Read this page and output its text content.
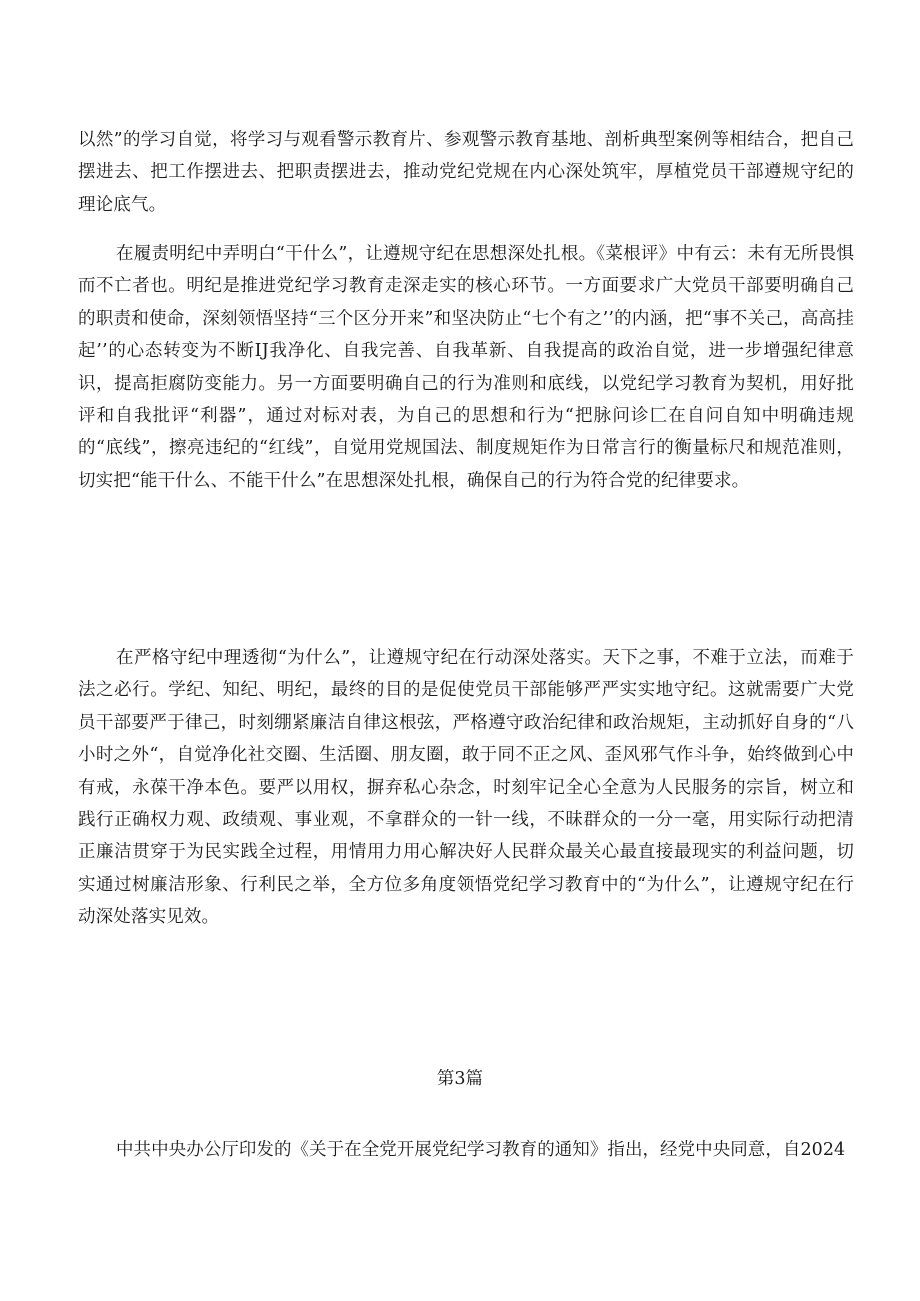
以然”的学习自觉，将学习与观看警示教育片、参观警示教育基地、剖析典型案例等相结合，把自己摆进去、把工作摆进去、把职责摆进去，推动党纪党规在内心深处筑牢，厚植党员干部遵规守纪的理论底气。

在履责明纪中弄明白“干什么”，让遵规守纪在思想深处扎根。《菜根评》中有云：未有无所畏惧而不亡者也。明纪是推进党纪学习教育走深走实的核心环节。一方面要求广大党员干部要明确自己的职责和使命，深刻领悟坚持“三个区分开来”和坚决防止“七个有之’’的内涵，把“事不关己，高高挂起’’的心态转变为不断IJ我净化、自我完善、自我革新、自我提高的政治自觉，进一步增强纪律意识，提高拒腐防变能力。另一方面要明确自己的行为准则和底线，以党纪学习教育为契机，用好批评和自我批评“利器”，通过对标对表，为自己的思想和行为“把脉问诊匚在自问自知中明确违规的“底线”，擦亮违纪的“红线”，自觉用党规国法、制度规矩作为日常言行的衡量标尺和规范准则，切实把“能干什么、不能干什么”在思想深处扎根，确保自己的行为符合党的纪律要求。

在严格守纪中理透彻“为什么”，让遵规守纪在行动深处落实。天下之事，不难于立法，而难于法之必行。学纪、知纪、明纪，最终的目的是促使党员干部能够严严实实地守纪。这就需要广大党员干部要严于律己，时刻绷紧廉洁自律这根弦，严格遵守政治纪律和政治规矩，主动抓好自身的“八小时之外“，自觉净化社交圈、生活圈、朋友圈，敢于同不正之风、歪风邪气作斗争，始终做到心中有戒，永葆干净本色。要严以用权，摒弃私心杂念，时刻牢记全心全意为人民服务的宗旨，树立和践行正确权力观、政绩观、事业观，不拿群众的一针一线，不昧群众的一分一毫，用实际行动把清正廉洁贯穿于为民实践全过程，用情用力用心解决好人民群众最关心最直接最现实的利益问题，切实通过树廉洁形象、行利民之举，全方位多角度领悟党纪学习教育中的“为什么”，让遵规守纪在行动深处落实见效。

第3篇

中共中央办公厅印发的《关于在全党开展党纪学习教育的通知》指出，经党中央同意，自2024
